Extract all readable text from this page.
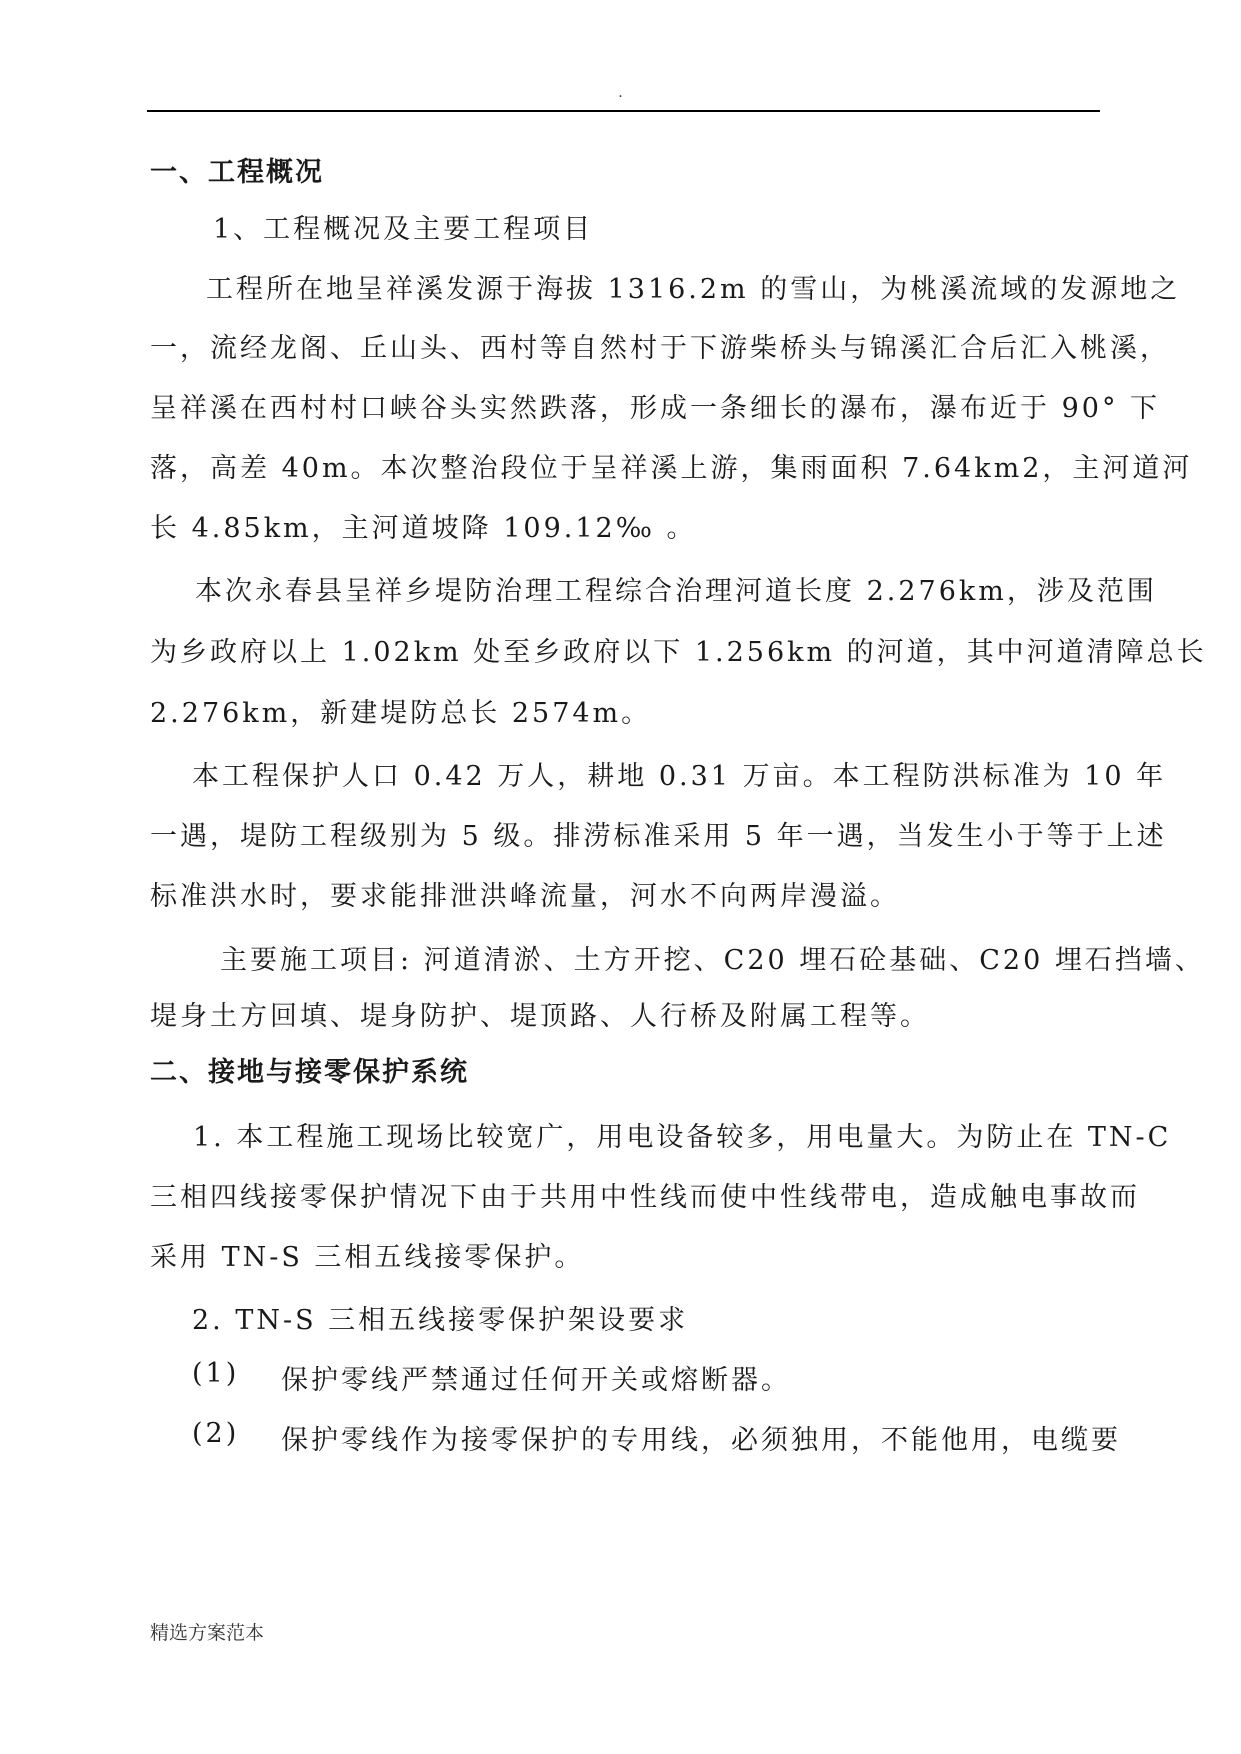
.
一、工程概况
1、工程概况及主要工程项目
工程所在地呈祥溪发源于海拔 1316.2m 的雪山，为桃溪流域的发源地之
一，流经龙阁、丘山头、西村等自然村于下游柴桥头与锦溪汇合后汇入桃溪，
呈祥溪在西村村口峡谷头实然跌落，形成一条细长的瀑布，瀑布近于 90° 下
落，高差 40m。本次整治段位于呈祥溪上游，集雨面积 7.64km2，主河道河
长 4.85km，主河道坡降 109.12‰ 。
本次永春县呈祥乡堤防治理工程综合治理河道长度 2.276km，涉及范围
为乡政府以上 1.02km 处至乡政府以下 1.256km 的河道，其中河道清障总长
2.276km，新建堤防总长 2574m。
本工程保护人口 0.42 万人，耕地 0.31 万亩。本工程防洪标准为 10 年
一遇，堤防工程级别为 5 级。排涝标准采用 5 年一遇，当发生小于等于上述
标准洪水时，要求能排泄洪峰流量，河水不向两岸漫溢。
主要施工项目: 河道清淤、土方开挖、C20 埋石砼基础、C20 埋石挡墙、
堤身土方回填、堤身防护、堤顶路、人行桥及附属工程等。
二、接地与接零保护系统
1. 本工程施工现场比较宽广，用电设备较多，用电量大。为防止在 TN-C
三相四线接零保护情况下由于共用中性线而使中性线带电，造成触电事故而
采用 TN-S 三相五线接零保护。
2. TN-S 三相五线接零保护架设要求
(1) 保护零线严禁通过任何开关或熔断器。
(2) 保护零线作为接零保护的专用线，必须独用，不能他用，电缆要
精选方案范本
